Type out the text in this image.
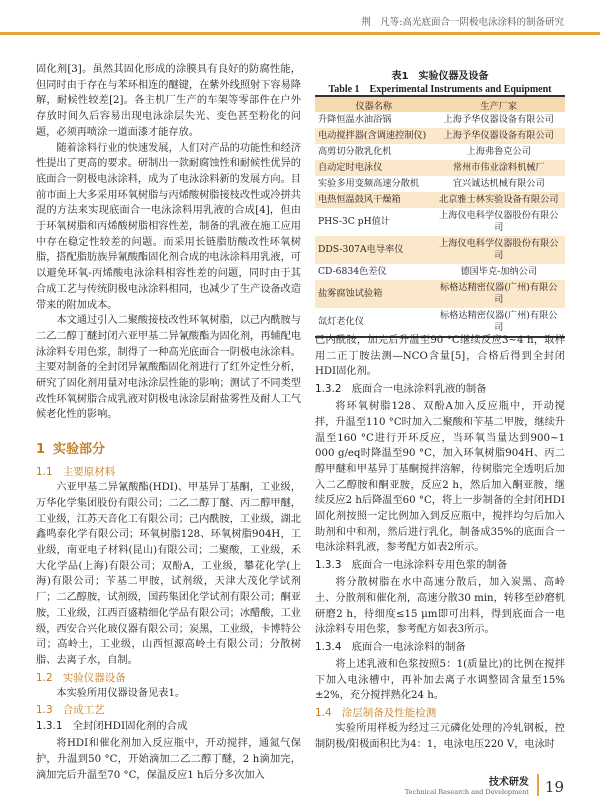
荆　凡等:高光底面合一阴极电泳涂料的制备研究

固化剂[3]。虽然其固化形成的涂膜具有良好的防腐性能，但同时由于存在与苯环相连的醚键，在紫外线照射下容易降解，耐候性较差[2]。各主机厂生产的车架等零部件在户外存放时间久后容易出现电泳涂层失光、变色甚至粉化的问题，必须再喷涂一道面漆才能存放。

随着涂料行业的快速发展，人们对产品的功能性和经济性提出了更高的要求。研制出一款耐腐蚀性和耐候性优异的底面合一阴极电泳涂料，成为了电泳涂料新的发展方向。目前市面上大多采用环氧树脂与丙烯酸树脂接枝改性或冷拼共混的方法来实现底面合一电泳涂料用乳液的合成[4]，但由于环氧树脂和丙烯酸树脂相容性差，制备的乳液在施工应用中存在稳定性较差的问题。而采用长链脂肪酸改性环氧树脂，搭配脂肪族异氰酸酯固化剂合成的电泳涂料用乳液，可以避免环氧-丙烯酸电泳涂料相容性差的问题，同时由于其合成工艺与传统阴极电泳涂料相同，也减少了生产设备改造带来的附加成本。

本文通过引入二聚酸接枝改性环氧树脂，以己内酰胺与二乙二醇丁醚封闭六亚甲基二异氰酸酯为固化剂，再辅配电泳涂料专用色浆，制得了一种高光底面合一阴极电泳涂料。主要对制备的全封闭异氰酸酯固化剂进行了红外定性分析，研究了固化剂用量对电泳涂层性能的影响；测试了不同类型改性环氧树脂合成乳液对阴极电泳涂层耐盐雾性及耐人工气候老化性的影响。

1 实验部分
1.1 主要原材料

六亚甲基二异氰酸酯(HDI)、甲基异丁基酮，工业级，万华化学集团股份有限公司；二乙二醇丁醚、丙二醇甲醚，工业级，江苏天音化工有限公司；己内酰胺，工业级，湖北鑫鸣泰化学有限公司；环氧树脂128、环氧树脂904H，工业级，南亚电子材料(昆山)有限公司；二聚酸，工业级，禾大化学品(上海)有限公司；双酚A，工业级，攀花化学(上海)有限公司；苄基二甲胺，试剂级，天津大茂化学试剂厂；二乙醇胺，试剂级，国药集团化学试剂有限公司；酮亚胺，工业级，江西百盛精细化学品有限公司；冰醋酸，工业级，西安合兴化玻仪器有限公司；炭黑，工业级，卡博特公司；高岭土，工业级，山西恒源高岭土有限公司；分散树脂、去离子水，自制。

1.2 实验仪器设备

本实验所用仪器设备见表1。

1.3 合成工艺
1.3.1 全封闭HDI固化剂的合成

将HDI和催化剂加入反应瓶中，开动搅拌，通氮气保护，升温到50 °C，开始滴加二乙二醇丁醚，2 h滴加完，滴加完后升温至70 °C，保温反应1 h后分多次加入

表1　实验仪器及设备
Table 1　Experimental Instruments and Equipment
仪器名称	生产厂家
升降恒温水油浴锅	上海予华仪器设备有限公司
电动搅拌器(含调速控制仪)	上海予华仪器设备有限公司
高剪切分散乳化机	上海弗鲁克公司
自动定时电泳仪	常州市伟业涂料机械厂
实验多用变频高速分散机	宜兴诚达机械有限公司
电热恒温鼓风干燥箱	北京雅士林实验设备有限公司
PHS-3C pH值计	上海仪电科学仪器股份有限公司
DDS-307A电导率仪	上海仪电科学仪器股份有限公司
CD-6834色差仪	德国毕克-加纳公司
盐雾腐蚀试验箱	标格达精密仪器(广州)有限公司
氙灯老化仪	标格达精密仪器(广州)有限公司

己内酰胺，加完后升温至90 °C继续反应3~4 h，取样用二正丁胺法测—NCO含量[5]，合格后得到全封闭HDI固化剂。

1.3.2 底面合一电泳涂料乳液的制备

将环氧树脂128、双酚A加入反应瓶中，开动搅拌，升温至110 °C时加入二聚酸和苄基二甲胺，继续升温至160 °C进行开环反应，当环氧当量达到900~1 000 g/eq时降温至90 °C，加入环氧树脂904H、丙二醇甲醚和甲基异丁基酮搅拌溶解，待树脂完全透明后加入二乙醇胺和酮亚胺，反应2 h，然后加入酮亚胺，继续反应2 h后降温至60 °C，将上一步制备的全封闭HDI固化剂按照一定比例加入到反应瓶中，搅拌均匀后加入助剂和中和剂，然后进行乳化，制备成35%的底面合一电泳涂料乳液，参考配方如表2所示。

1.3.3 底面合一电泳涂料专用色浆的制备

将分散树脂在水中高速分散后，加入炭黑、高岭土、分散剂和催化剂，高速分散30 min，转移至砂磨机研磨2 h，待细度≤15 μm即可出料，得到底面合一电泳涂料专用色浆，参考配方如表3所示。

1.3.4 底面合一电泳涂料的制备

将上述乳液和色浆按照5：1(质量比)的比例在搅拌下加入电泳槽中，再补加去离子水调整固含量至15%±2%，充分搅拌熟化24 h。

1.4 涂层制备及性能检测

实验所用样板为经过三元磷化处理的冷轧钢板，控制阴极/阳极面积比为4：1，电泳电压220 V，电泳时

技术研发
Technical Research and Development 19
